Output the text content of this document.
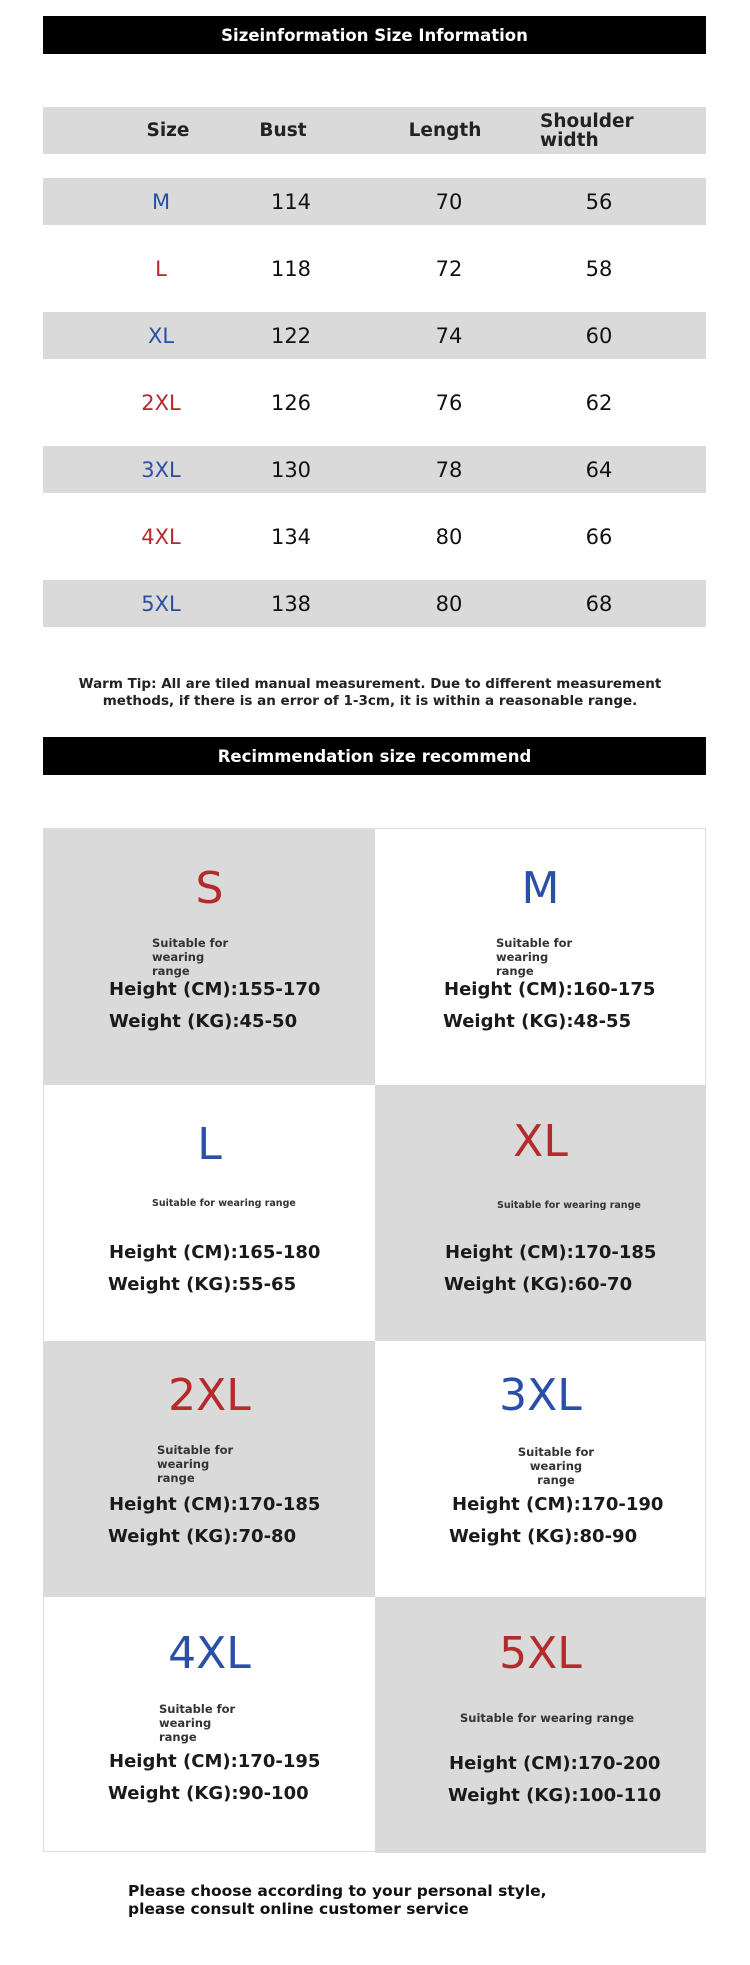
Sizeinformation Size Information
Size	Bust	Length	Shoulder width
M	114	70	56
L	118	72	58
XL	122	74	60
2XL	126	76	62
3XL	130	78	64
4XL	134	80	66
5XL	138	80	68
Warm Tip: All are tiled manual measurement. Due to different measurement methods, if there is an error of 1-3cm, it is within a reasonable range.
Recimmendation size recommend
S
Suitable for wearing range
Height (CM):155-170
Weight (KG):45-50
M
Suitable for wearing range
Height (CM):160-175
Weight (KG):48-55
L
Suitable for wearing range
Height (CM):165-180
Weight (KG):55-65
XL
Suitable for wearing range
Height (CM):170-185
Weight (KG):60-70
2XL
Suitable for wearing range
Height (CM):170-185
Weight (KG):70-80
3XL
Suitable for wearing range
Height (CM):170-190
Weight (KG):80-90
4XL
Suitable for wearing range
Height (CM):170-195
Weight (KG):90-100
5XL
Suitable for wearing range
Height (CM):170-200
Weight (KG):100-110
Please choose according to your personal style, please consult online customer service
